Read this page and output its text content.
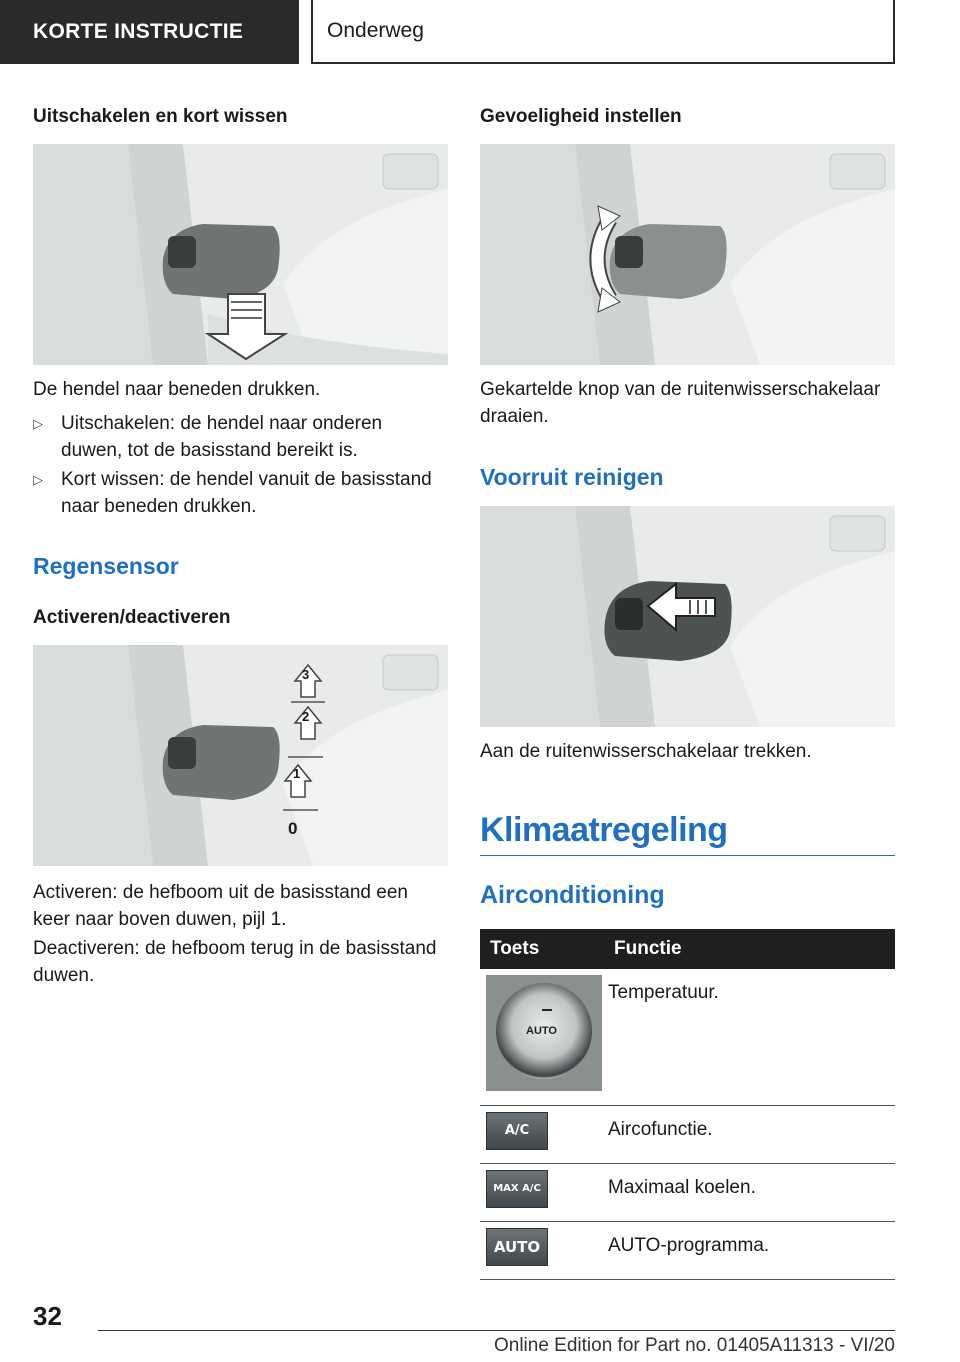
KORTE INSTRUCTIE	Onderweg
Uitschakelen en kort wissen

De hendel naar beneden drukken.

▷ Uitschakelen: de hendel naar onderen duwen, tot de basisstand bereikt is.
▷ Kort wissen: de hendel vanuit de basisstand naar beneden drukken.
Regensensor
Activeren/deactiveren
3
2
1
0

Activeren: de hefboom uit de basisstand een keer naar boven duwen, pijl 1.

Deactiveren: de hefboom terug in de basisstand duwen.

Gevoeligheid instellen

Gekartelde knop van de ruitenwisserschakelaar draaien.

Voorruit reinigen

Aan de ruitenwisserschakelaar trekken.

Klimaatregeling
Airconditioning
Toets	Functie

AUTO	Temperatuur.

A/C	Aircofunctie.

MAX A/C	Maximaal koelen.

AUTO	AUTO-programma.
32
Online Edition for Part no. 01405A11313 - VI/20
